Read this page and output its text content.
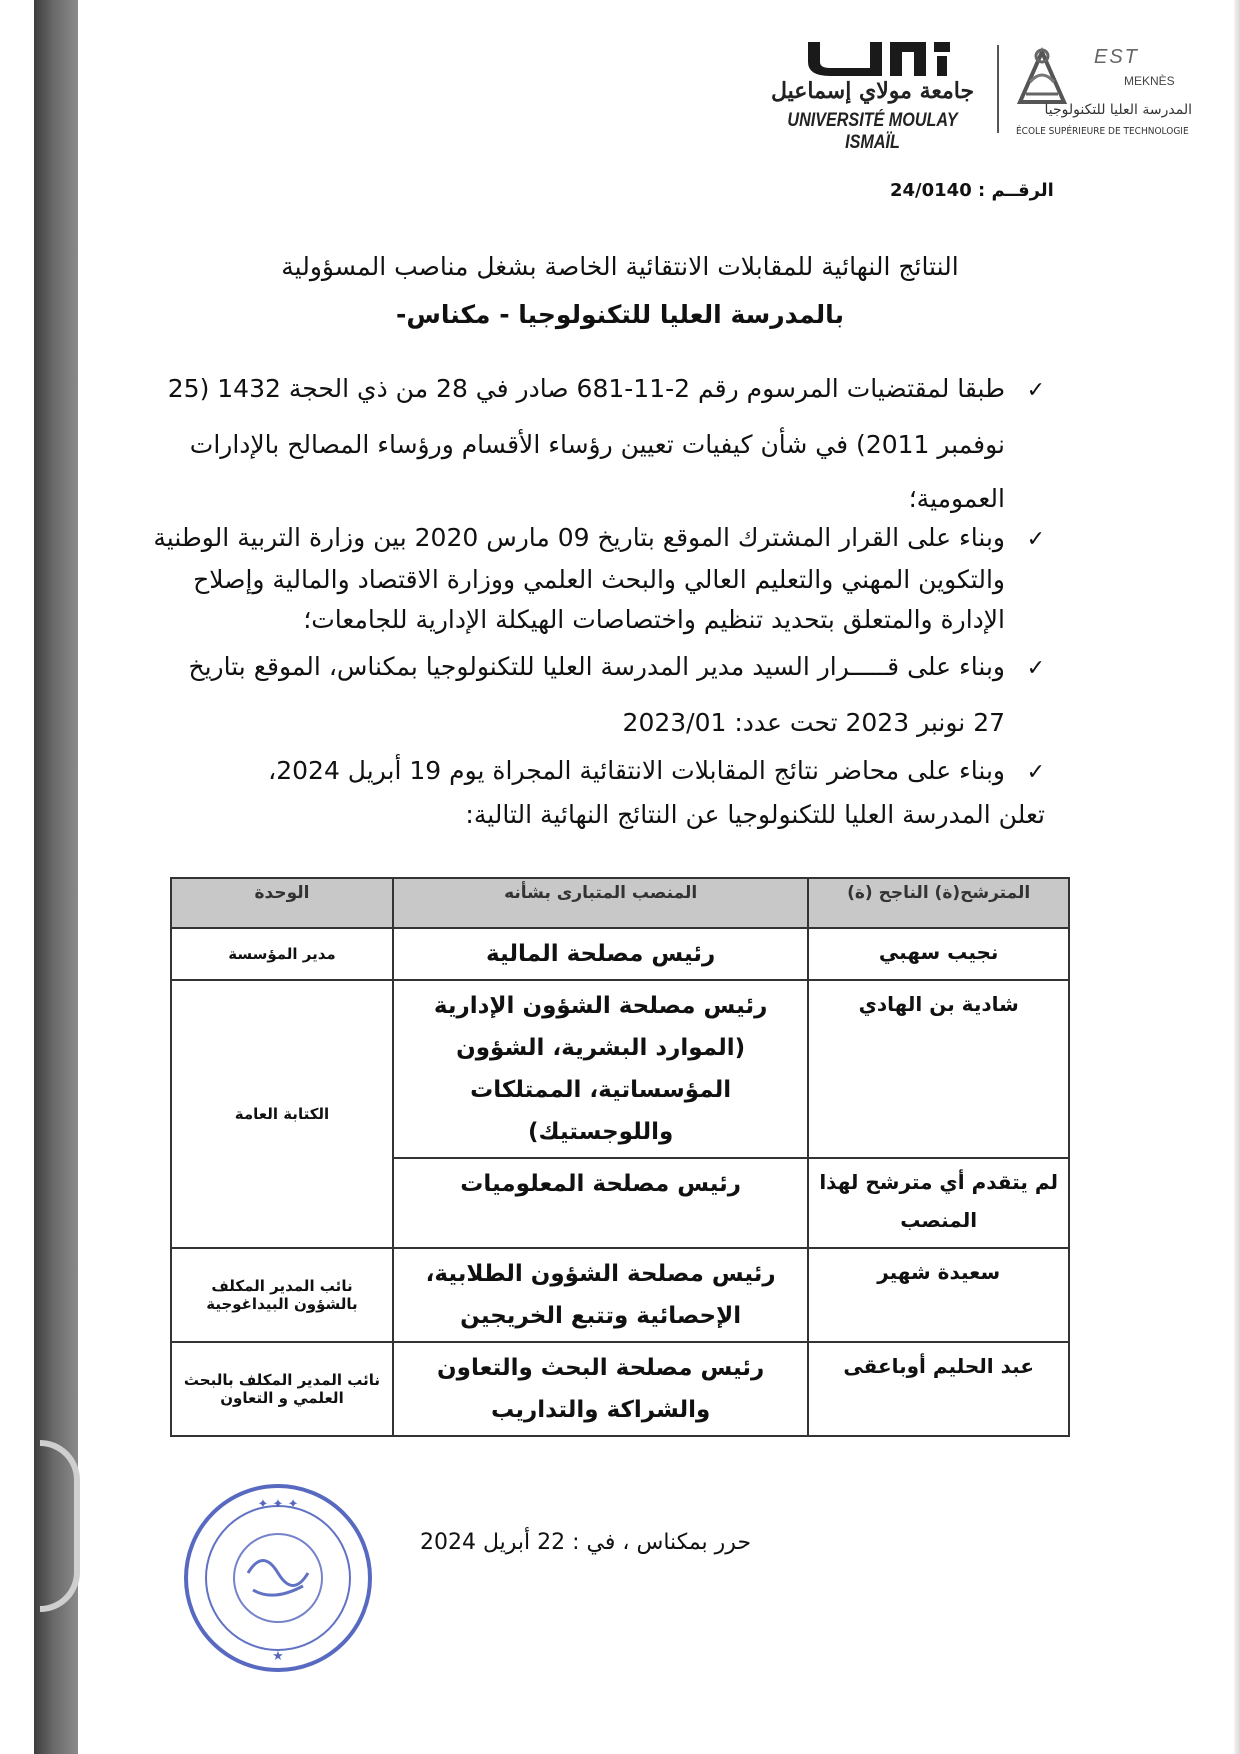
جامعة مولاي إسماعيل
UNIVERSITÉ MOULAY ISMAÏL
EST
MEKNÈS
المدرسة العليا للتكنولوجيا
ÉCOLE SUPÉRIEURE DE TECHNOLOGIE
الرقــم : 24/0140
النتائج النهائية للمقابلات الانتقائية الخاصة بشغل مناصب المسؤولية
بالمدرسة العليا للتكنولوجيا - مكناس-
✓طبقا لمقتضيات المرسوم رقم 2-11-681 صادر في 28 من ذي الحجة 1432 (25
نوفمبر 2011) في شأن كيفيات تعيين رؤساء الأقسام ورؤساء المصالح بالإدارات
العمومية؛
✓وبناء على القرار المشترك الموقع بتاريخ 09 مارس 2020 بين وزارة التربية الوطنية
والتكوين المهني والتعليم العالي والبحث العلمي ووزارة الاقتصاد والمالية وإصلاح
الإدارة والمتعلق بتحديد تنظيم واختصاصات الهيكلة الإدارية للجامعات؛
✓وبناء على قـــــرار السيد مدير المدرسة العليا للتكنولوجيا بمكناس، الموقع بتاريخ
27 نونبر 2023 تحت عدد: 2023/01
✓وبناء على محاضر نتائج المقابلات الانتقائية المجراة يوم 19 أبريل 2024،
تعلن المدرسة العليا للتكنولوجيا عن النتائج النهائية التالية:
المترشح(ة) الناجح (ة)	المنصب المتبارى بشأنه	الوحدة
نجيب سهبي	رئيس مصلحة المالية	مدير المؤسسة
شادية بن الهادي	رئيس مصلحة الشؤون الإدارية (الموارد البشرية، الشؤون المؤسساتية، الممتلكات واللوجستيك)	الكتابة العامة
لم يتقدم أي مترشح لهذا المنصب	رئيس مصلحة المعلوميات	
سعيدة شهير	رئيس مصلحة الشؤون الطلابية، الإحصائية وتتبع الخريجين	نائب المدير المكلف بالشؤون البيداغوجية
عبد الحليم أوباعقى	رئيس مصلحة البحث والتعاون والشراكة والتداريب	نائب المدير المكلف بالبحث العلمي و التعاون
حرر بمكناس ، في : 22 أبريل 2024
✦ ✦ ✦
★
